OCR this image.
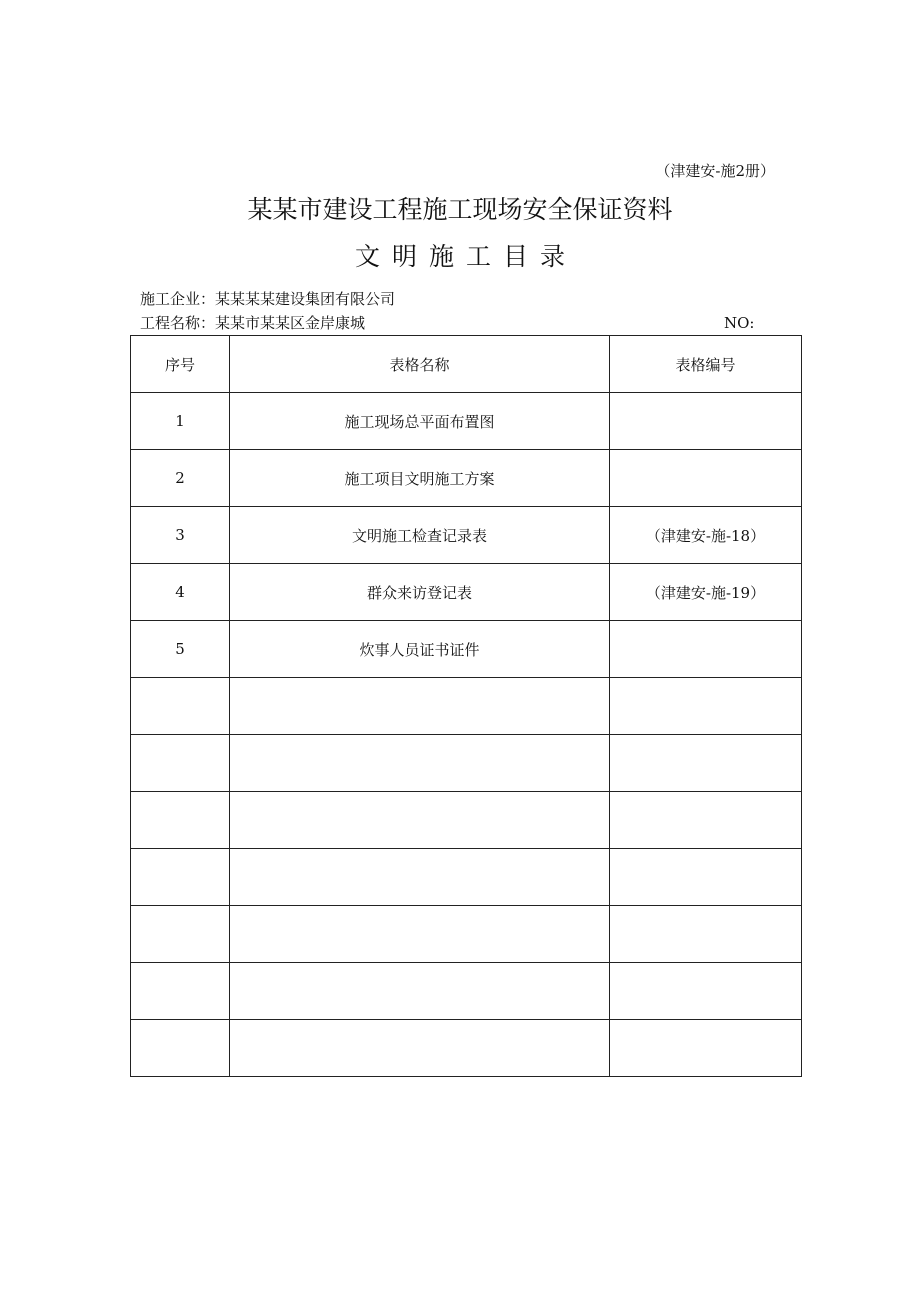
（津建安-施2册）
某某市建设工程施工现场安全保证资料
文明施工目录
施工企业：某某某某建设集团有限公司
工程名称：某某市某某区金岸康城	NO:
序号	表格名称	表格编号
1	施工现场总平面布置图	
2	施工项目文明施工方案	
3	文明施工检查记录表	（津建安-施-18）
4	群众来访登记表	（津建安-施-19）
5	炊事人员证书证件	
